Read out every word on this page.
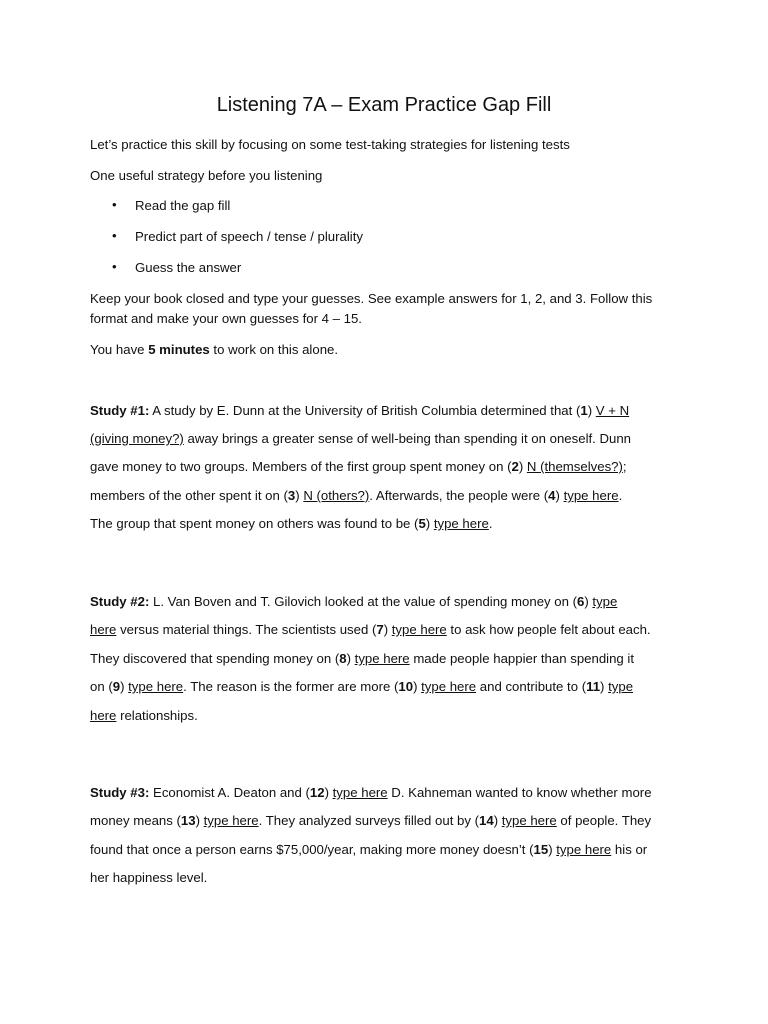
Listening 7A – Exam Practice Gap Fill
Let’s practice this skill by focusing on some test-taking strategies for listening tests
One useful strategy before you listening
• Read the gap fill
• Predict part of speech / tense / plurality
• Guess the answer
Keep your book closed and type your guesses. See example answers for 1, 2, and 3. Follow this
format and make your own guesses for 4 – 15.
You have 5 minutes to work on this alone.
Study #1: A study by E. Dunn at the University of British Columbia determined that (1) V + N
(giving money?) away brings a greater sense of well-being than spending it on oneself. Dunn
gave money to two groups. Members of the first group spent money on (2) N (themselves?);
members of the other spent it on (3) N (others?). Afterwards, the people were (4) type here.
The group that spent money on others was found to be (5) type here.
Study #2: L. Van Boven and T. Gilovich looked at the value of spending money on (6) type
here versus material things. The scientists used (7) type here to ask how people felt about each.
They discovered that spending money on (8) type here made people happier than spending it
on (9) type here. The reason is the former are more (10) type here and contribute to (11) type
here relationships.
Study #3: Economist A. Deaton and (12) type here D. Kahneman wanted to know whether more
money means (13) type here. They analyzed surveys filled out by (14) type here of people. They
found that once a person earns $75,000/year, making more money doesn’t (15) type here his or
her happiness level.
